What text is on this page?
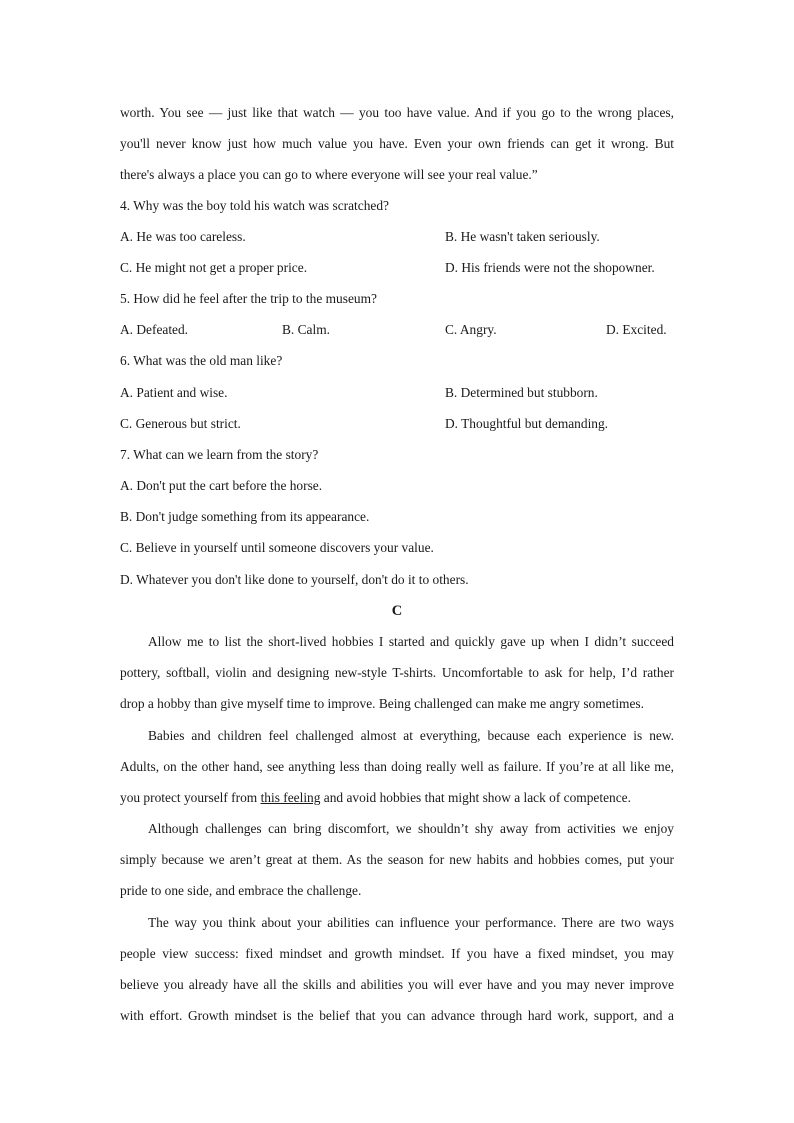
worth. You see — just like that watch — you too have value. And if you go to the wrong places,
you'll never know just how much value you have. Even your own friends can get it wrong. But
there's always a place you can go to where everyone will see your real value.”
4. Why was the boy told his watch was scratched?
A. He was too careless.	B. He wasn't taken seriously.
C. He might not get a proper price.	D. His friends were not the shopowner.
5. How did he feel after the trip to the museum?
A. Defeated.	B. Calm.	C. Angry.	D. Excited.
6. What was the old man like?
A. Patient and wise.	B. Determined but stubborn.
C. Generous but strict.	D. Thoughtful but demanding.
7. What can we learn from the story?
A. Don't put the cart before the horse.
B. Don't judge something from its appearance.
C. Believe in yourself until someone discovers your value.
D. Whatever you don't like done to yourself, don't do it to others.
C
Allow me to list the short-lived hobbies I started and quickly gave up when I didn’t succeed
pottery, softball, violin and designing new-style T-shirts. Uncomfortable to ask for help, I’d rather
drop a hobby than give myself time to improve. Being challenged can make me angry sometimes.
Babies and children feel challenged almost at everything, because each experience is new.
Adults, on the other hand, see anything less than doing really well as failure. If you’re at all like me,
you protect yourself from this feeling and avoid hobbies that might show a lack of competence.
Although challenges can bring discomfort, we shouldn’t shy away from activities we enjoy
simply because we aren’t great at them. As the season for new habits and hobbies comes, put your
pride to one side, and embrace the challenge.
The way you think about your abilities can influence your performance. There are two ways
people view success: fixed mindset and growth mindset. If you have a fixed mindset, you may
believe you already have all the skills and abilities you will ever have and you may never improve
with effort. Growth mindset is the belief that you can advance through hard work, support, and a
